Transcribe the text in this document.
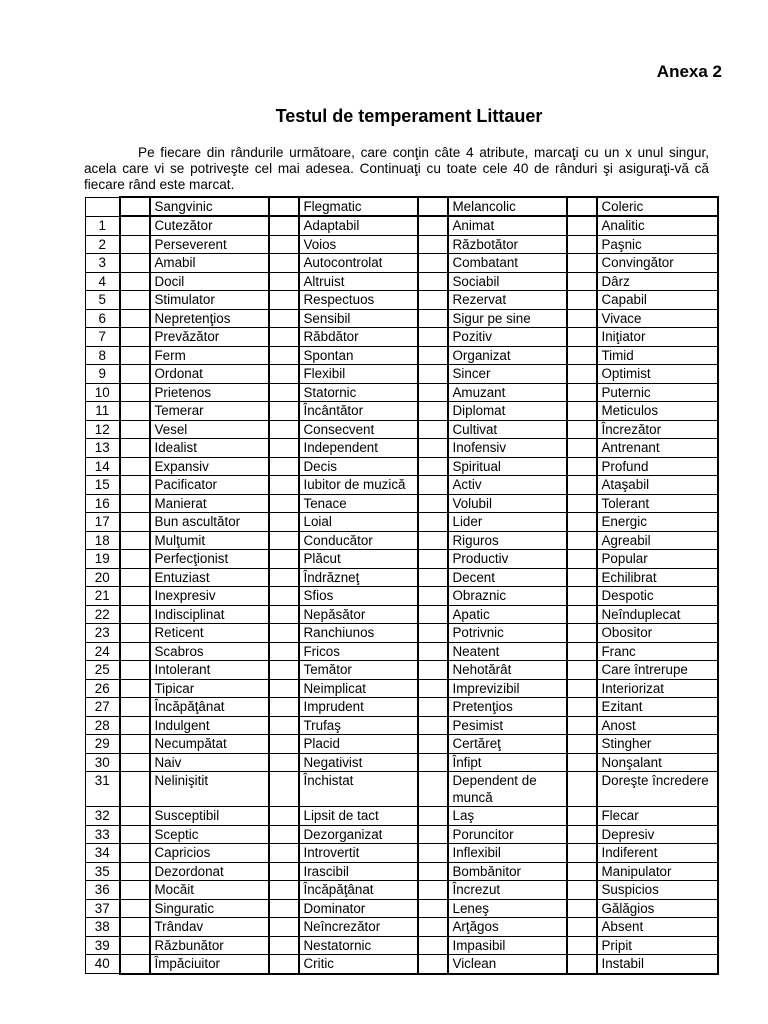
Anexa 2
Testul de temperament Littauer
Pe fiecare din rândurile următoare, care conţin câte 4 atribute, marcaţi cu un x unul singur, acela care vi se potriveşte cel mai adesea. Continuaţi cu toate cele 40 de rânduri şi asiguraţi-vă că fiecare rând este marcat.
		Sangvinic		Flegmatic		Melancolic		Coleric
1		Cutezător		Adaptabil		Animat		Analitic
2		Perseverent		Voios		Războtător		Paşnic
3		Amabil		Autocontrolat		Combatant		Convingător
4		Docil		Altruist		Sociabil		Dârz
5		Stimulator		Respectuos		Rezervat		Capabil
6		Nepretenţios		Sensibil		Sigur pe sine		Vivace
7		Prevăzător		Răbdător		Pozitiv		Iniţiator
8		Ferm		Spontan		Organizat		Timid
9		Ordonat		Flexibil		Sincer		Optimist
10		Prietenos		Statornic		Amuzant		Puternic
11		Temerar		Încântător		Diplomat		Meticulos
12		Vesel		Consecvent		Cultivat		Încrezător
13		Idealist		Independent		Inofensiv		Antrenant
14		Expansiv		Decis		Spiritual		Profund
15		Pacificator		Iubitor de muzică		Activ		Ataşabil
16		Manierat		Tenace		Volubil		Tolerant
17		Bun ascultător		Loial		Lider		Energic
18		Mulţumit		Conducător		Riguros		Agreabil
19		Perfecţionist		Plăcut		Productiv		Popular
20		Entuziast		Îndrăzneţ		Decent		Echilibrat
21		Inexpresiv		Sfios		Obraznic		Despotic
22		Indisciplinat		Nepăsător		Apatic		Neînduplecat
23		Reticent		Ranchiunos		Potrivnic		Obositor
24		Scabros		Fricos		Neatent		Franc
25		Intolerant		Temător		Nehotărât		Care întrerupe
26		Tipicar		Neimplicat		Imprevizibil		Interiorizat
27		Încăpăţânat		Imprudent		Pretenţios		Ezitant
28		Indulgent		Trufaş		Pesimist		Anost
29		Necumpătat		Placid		Certăreţ		Stingher
30		Naiv		Negativist		Înfipt		Nonşalant
31		Nelinişitit		Închistat		Dependent de muncă		Doreşte încredere
32		Susceptibil		Lipsit de tact		Laş		Flecar
33		Sceptic		Dezorganizat		Poruncitor		Depresiv
34		Capricios		Introvertit		Inflexibil		Indiferent
35		Dezordonat		Irascibil		Bombănitor		Manipulator
36		Mocăit		Încăpăţânat		Încrezut		Suspicios
37		Singuratic		Dominator		Leneş		Gălăgios
38		Trândav		Neîncrezător		Arţăgos		Absent
39		Răzbunător		Nestatornic		Impasibil		Pripit
40		Împăciuitor		Critic		Viclean		Instabil
